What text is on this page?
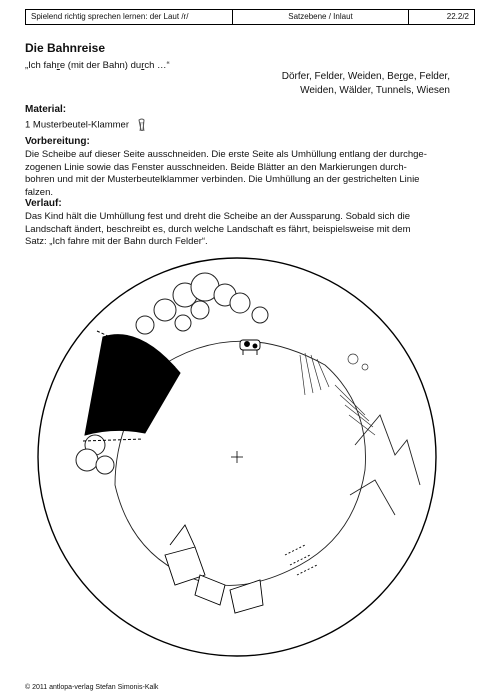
Spielend richtig sprechen lernen: der Laut /r/	Satzebene / Inlaut	22.2/2
Die Bahnreise
„Ich fahre (mit der Bahn) durch …“
Dörfer, Felder, Weiden, Berge, Felder,
Weiden, Wälder, Tunnels, Wiesen
Material:
1 Musterbeutel-Klammer
Vorbereitung:
Die Scheibe auf dieser Seite ausschneiden. Die erste Seite als Umhüllung entlang der durchge-
zogenen Linie sowie das Fenster ausschneiden. Beide Blätter an den Markierungen durch-
bohren und mit der Musterbeutelklammer verbinden. Die Umhüllung an der gestrichelten Linie
falzen.
Verlauf:
Das Kind hält die Umhüllung fest und dreht die Scheibe an der Aussparung. Sobald sich die
Landschaft ändert, beschreibt es, durch welche Landschaft es fährt, beispielsweise mit dem
Satz: „Ich fahre mit der Bahn durch Felder“.
© 2011 antlopa-verlag Stefan Simonis-Kalk
